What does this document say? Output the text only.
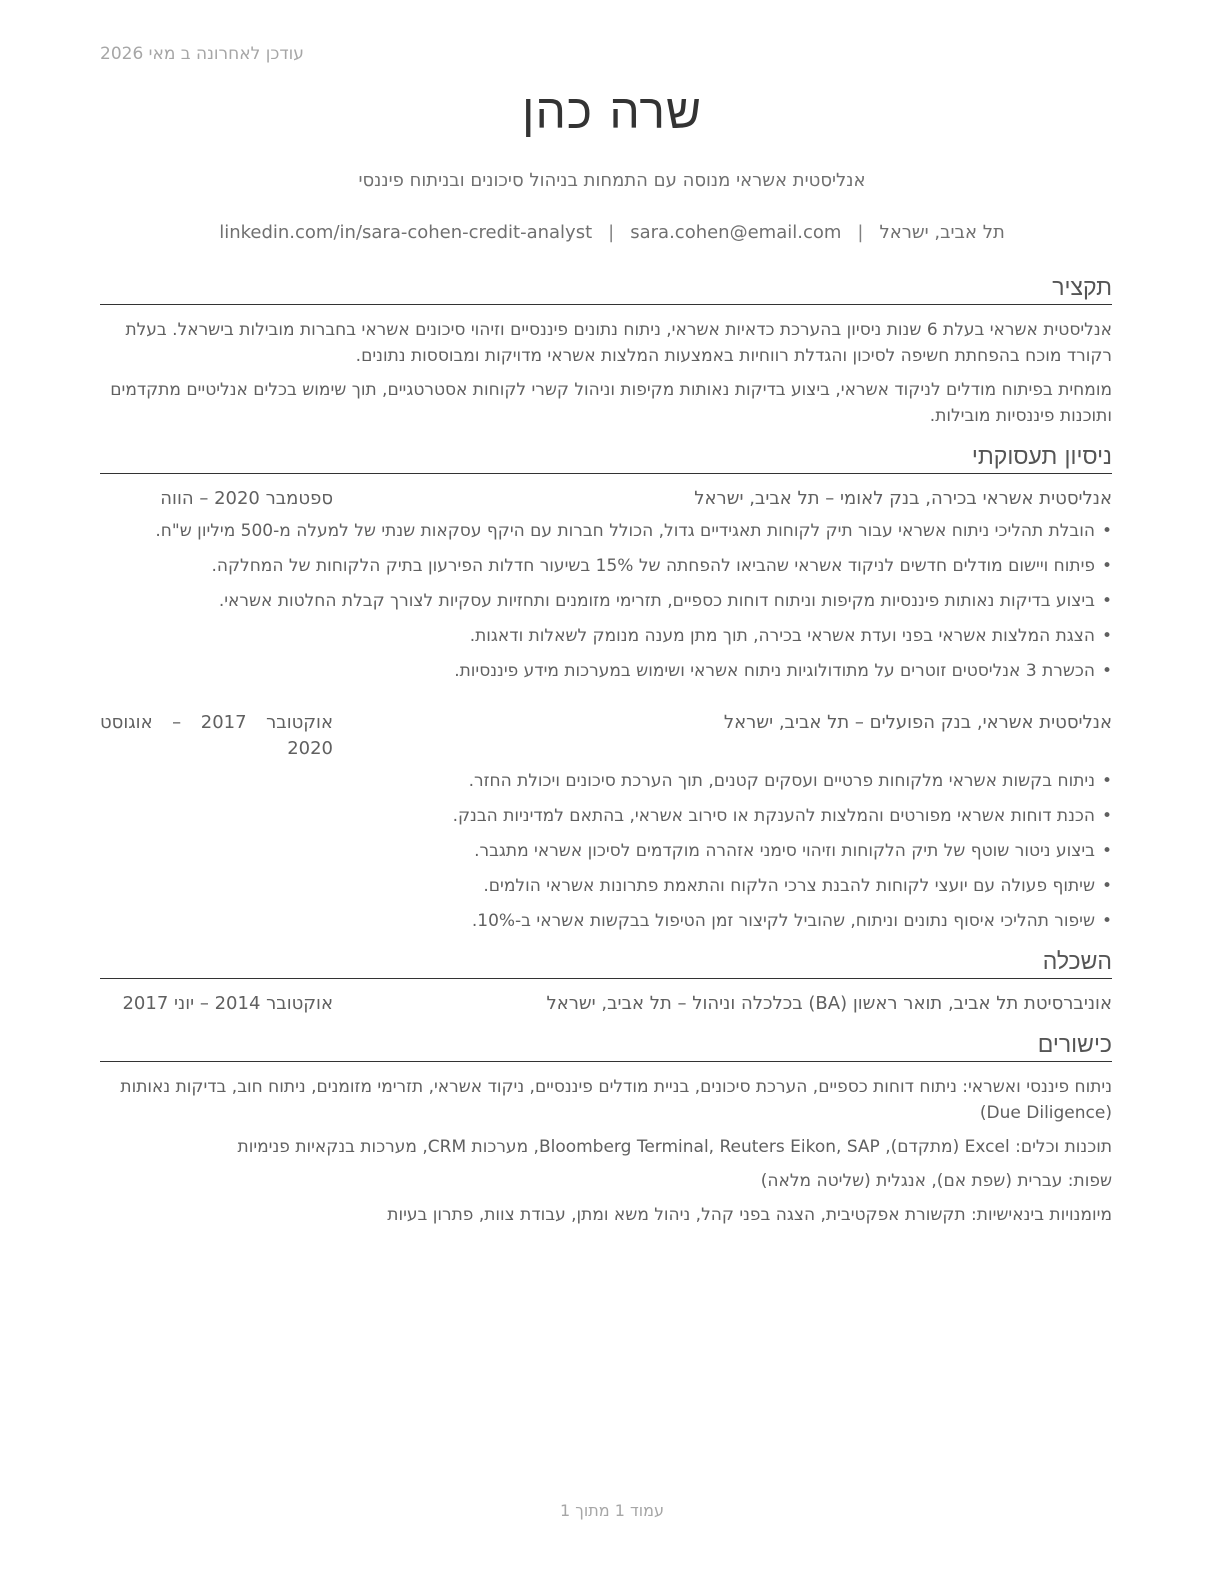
עודכן לאחרונה ב מאי 2026
שרה כהן
אנליסטית אשראי מנוסה עם התמחות בניהול סיכונים ובניתוח פיננסי
תל אביב, ישראל|sara.cohen@email.com|linkedin.com/in/sara-cohen-credit-analyst
תקציר

אנליסטית אשראי בעלת 6 שנות ניסיון בהערכת כדאיות אשראי, ניתוח נתונים פיננסיים וזיהוי סיכונים אשראי בחברות מובילות בישראל. בעלת רקורד מוכח בהפחתת חשיפה לסיכון והגדלת רווחיות באמצעות המלצות אשראי מדויקות ומבוססות נתונים.

מומחית בפיתוח מודלים לניקוד אשראי, ביצוע בדיקות נאותות מקיפות וניהול קשרי לקוחות אסטרטגיים, תוך שימוש בכלים אנליטיים מתקדמים ותוכנות פיננסיות מובילות.

ניסיון תעסוקתי
אנליסטית אשראי בכירה, בנק לאומי – תל אביב, ישראל
ספטמבר 2020 – הווה
• הובלת תהליכי ניתוח אשראי עבור תיק לקוחות תאגידיים גדול, הכולל חברות עם היקף עסקאות שנתי של למעלה מ-500 מיליון ש"ח.
• פיתוח ויישום מודלים חדשים לניקוד אשראי שהביאו להפחתה של 15% בשיעור חדלות הפירעון בתיק הלקוחות של המחלקה.
• ביצוע בדיקות נאותות פיננסיות מקיפות וניתוח דוחות כספיים, תזרימי מזומנים ותחזיות עסקיות לצורך קבלת החלטות אשראי.
• הצגת המלצות אשראי בפני ועדת אשראי בכירה, תוך מתן מענה מנומק לשאלות ודאגות.
• הכשרת 3 אנליסטים זוטרים על מתודולוגיות ניתוח אשראי ושימוש במערכות מידע פיננסיות.
אנליסטית אשראי, בנק הפועלים – תל אביב, ישראל
אוקטובר 2017 – אוגוסט 2020
• ניתוח בקשות אשראי מלקוחות פרטיים ועסקים קטנים, תוך הערכת סיכונים ויכולת החזר.
• הכנת דוחות אשראי מפורטים והמלצות להענקת או סירוב אשראי, בהתאם למדיניות הבנק.
• ביצוע ניטור שוטף של תיק הלקוחות וזיהוי סימני אזהרה מוקדמים לסיכון אשראי מתגבר.
• שיתוף פעולה עם יועצי לקוחות להבנת צרכי הלקוח והתאמת פתרונות אשראי הולמים.
• שיפור תהליכי איסוף נתונים וניתוח, שהוביל לקיצור זמן הטיפול בבקשות אשראי ב-10%.
השכלה
אוניברסיטת תל אביב, תואר ראשון (BA) בכלכלה וניהול – תל אביב, ישראל
אוקטובר 2014 – יוני 2017
כישורים
ניתוח פיננסי ואשראי: ניתוח דוחות כספיים, הערכת סיכונים, בניית מודלים פיננסיים, ניקוד אשראי, תזרימי מזומנים, ניתוח חוב, בדיקות נאותות (Due Diligence)
תוכנות וכלים: Excel (מתקדם), Bloomberg Terminal, Reuters Eikon, SAP, מערכות CRM, מערכות בנקאיות פנימיות
שפות: עברית (שפת אם), אנגלית (שליטה מלאה)
מיומנויות בינאישיות: תקשורת אפקטיבית, הצגה בפני קהל, ניהול משא ומתן, עבודת צוות, פתרון בעיות
עמוד 1 מתוך 1
